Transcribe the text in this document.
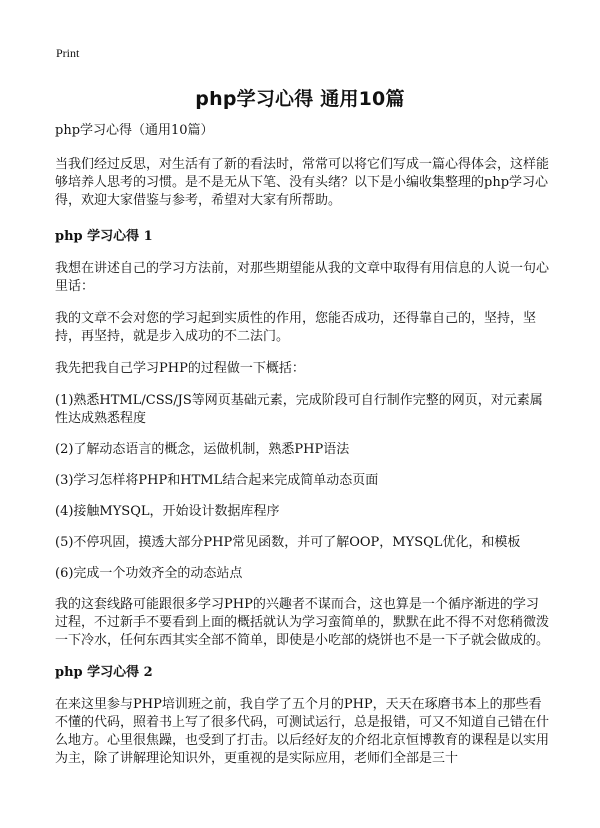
Print
php学习心得 通用10篇

php学习心得（通用10篇）

当我们经过反思，对生活有了新的看法时，常常可以将它们写成一篇心得体会，这样能够培养人思考的习惯。是不是无从下笔、没有头绪？以下是小编收集整理的php学习心得，欢迎大家借鉴与参考，希望对大家有所帮助。

php 学习心得 1

我想在讲述自己的学习方法前，对那些期望能从我的文章中取得有用信息的人说一句心里话：

我的文章不会对您的学习起到实质性的作用，您能否成功，还得靠自己的，坚持，坚持，再坚持，就是步入成功的不二法门。

我先把我自己学习PHP的过程做一下概括：

(1)熟悉HTML/CSS/JS等网页基础元素，完成阶段可自行制作完整的网页，对元素属性达成熟悉程度

(2)了解动态语言的概念，运做机制，熟悉PHP语法

(3)学习怎样将PHP和HTML结合起来完成简单动态页面

(4)接触MYSQL，开始设计数据库程序

(5)不停巩固，摸透大部分PHP常见函数，并可了解OOP，MYSQL优化，和模板

(6)完成一个功效齐全的动态站点

我的这套线路可能跟很多学习PHP的兴趣者不谋而合，这也算是一个循序渐进的学习过程，不过新手不要看到上面的概括就认为学习蛮简单的，默默在此不得不对您稍微泼一下冷水，任何东西其实全部不简单，即使是小吃部的烧饼也不是一下子就会做成的。

php 学习心得 2

在来这里参与PHP培训班之前，我自学了五个月的PHP，天天在琢磨书本上的那些看不懂的代码，照着书上写了很多代码，可测试运行，总是报错，可又不知道自己错在什么地方。心里很焦躁，也受到了打击。以后经好友的介绍北京恒博教育的课程是以实用为主，除了讲解理论知识外，更重视的是实际应用，老师们全部是三十
